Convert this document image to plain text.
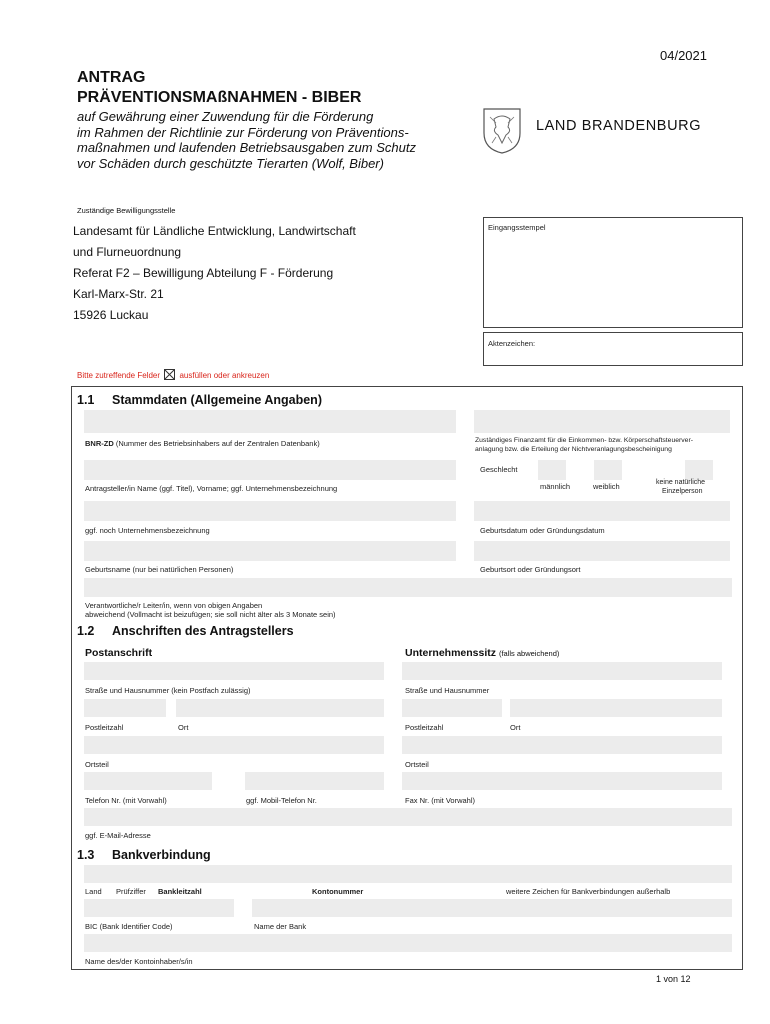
04/2021
ANTRAG
PRÄVENTIONSMAßNAHMEN - BIBER
auf Gewährung einer Zuwendung für die Förderung
im Rahmen der Richtlinie zur Förderung von Präventions-
maßnahmen und laufenden Betriebsausgaben zum Schutz
vor Schäden durch geschützte Tierarten (Wolf, Biber)
LAND BRANDENBURG
Zuständige Bewilligungsstelle
Landesamt für Ländliche Entwicklung, Landwirtschaft
und Flurneuordnung
Referat F2 – Bewilligung Abteilung F - Förderung
Karl-Marx-Str. 21
15926 Luckau
Eingangsstempel
Aktenzeichen:
Bitte zutreffende Felder ausfüllen oder ankreuzen
1.1 Stammdaten (Allgemeine Angaben)
BNR-ZD (Nummer des Betriebsinhabers auf der Zentralen Datenbank)	Zuständiges Finanzamt für die Einkommen- bzw. Körperschaftsteuerver-
anlagung bzw. die Erteilung der Nichtveranlagungsbescheinigung
Geschlecht
Antragsteller/in Name (ggf. Titel), Vorname; ggf. Unternehmensbezeichnung	männlich	weiblich	keine natürliche
Einzelperson
ggf. noch Unternehmensbezeichnung	Geburtsdatum oder Gründungsdatum
Geburtsname (nur bei natürlichen Personen)	Geburtsort oder Gründungsort
Verantwortliche/r Leiter/in, wenn von obigen Angaben
abweichend (Vollmacht ist beizufügen; sie soll nicht älter als 3 Monate sein)
1.2 Anschriften des Antragstellers
Postanschrift	Unternehmenssitz (falls abweichend)
Straße und Hausnummer (kein Postfach zulässig)	Straße und Hausnummer
Postleitzahl	Ort	Postleitzahl	Ort
Ortsteil	Ortsteil
Telefon Nr. (mit Vorwahl)	ggf. Mobil-Telefon Nr.	Fax Nr. (mit Vorwahl)
ggf. E-Mail-Adresse
1.3 Bankverbindung
Land Prüfziffer Bankleitzahl	Kontonummer	weitere Zeichen für Bankverbindungen außerhalb
BIC (Bank Identifier Code)	Name der Bank
Name des/der Kontoinhaber/s/in
1 von 12
